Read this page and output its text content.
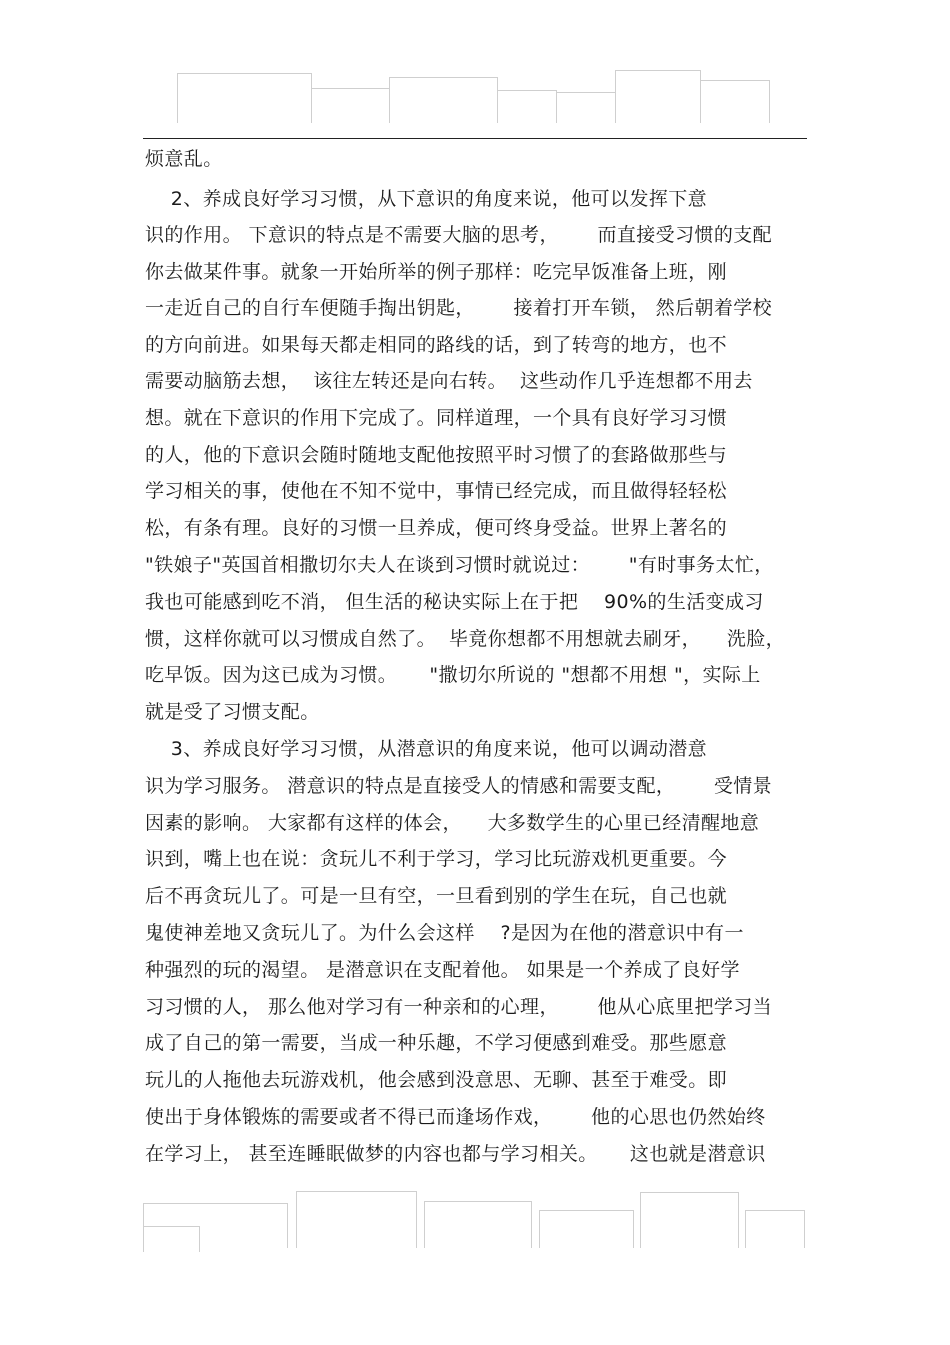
烦意乱。
2、养成良好学习习惯，从下意识的角度来说，他可以发挥下意
识的作用。 下意识的特点是不需要大脑的思考，      而直接受习惯的支配
你去做某件事。就象一开始所举的例子那样：吃完早饭准备上班，刚
一走近自己的自行车便随手掏出钥匙，      接着打开车锁， 然后朝着学校
的方向前进。如果每天都走相同的路线的话，到了转弯的地方，也不
需要动脑筋去想，  该往左转还是向右转。  这些动作几乎连想都不用去
想。就在下意识的作用下完成了。同样道理，一个具有良好学习习惯
的人，他的下意识会随时随地支配他按照平时习惯了的套路做那些与
学习相关的事，使他在不知不觉中，事情已经完成，而且做得轻轻松
松，有条有理。良好的习惯一旦养成，便可终身受益。世界上著名的
"铁娘子"英国首相撒切尔夫人在谈到习惯时就说过：      "有时事务太忙，
我也可能感到吃不消， 但生活的秘诀实际上在于把    90%的生活变成习
惯，这样你就可以习惯成自然了。  毕竟你想都不用想就去刷牙，    洗脸，
吃早饭。因为这已成为习惯。     "撒切尔所说的 "想都不用想 "，实际上
就是受了习惯支配。
3、养成良好学习习惯，从潜意识的角度来说，他可以调动潜意
识为学习服务。 潜意识的特点是直接受人的情感和需要支配，      受情景
因素的影响。 大家都有这样的体会，    大多数学生的心里已经清醒地意
识到，嘴上也在说：贪玩儿不利于学习，学习比玩游戏机更重要。今
后不再贪玩儿了。可是一旦有空，一旦看到别的学生在玩，自己也就
鬼使神差地又贪玩儿了。为什么会这样    ?是因为在他的潜意识中有一
种强烈的玩的渴望。 是潜意识在支配着他。 如果是一个养成了良好学
习习惯的人， 那么他对学习有一种亲和的心理，      他从心底里把学习当
成了自己的第一需要，当成一种乐趣，不学习便感到难受。那些愿意
玩儿的人拖他去玩游戏机，他会感到没意思、无聊、甚至于难受。即
使出于身体锻炼的需要或者不得已而逢场作戏，      他的心思也仍然始终
在学习上， 甚至连睡眠做梦的内容也都与学习相关。     这也就是潜意识
